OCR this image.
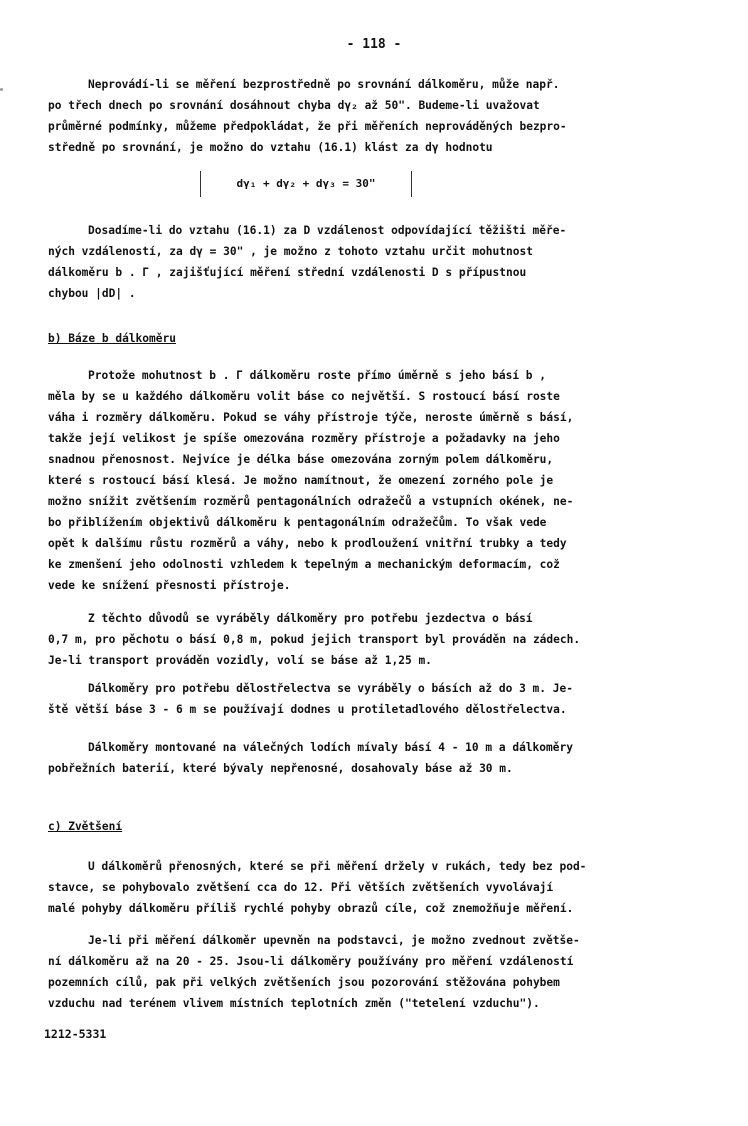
- 118 -

Neprovádí-li se měření bezprostředně po srovnání dálkoměru, může např.

po třech dnech po srovnání dosáhnout chyba dγ₂ až 50". Budeme-li uvažovat

průměrné podmínky, můžeme předpokládat, že při měřeních neprováděných bezpro-

středně po srovnání, je možno do vztahu (16.1) klást za dγ hodnotu

dγ₁ + dγ₂ + dγ₃ = 30"

Dosadíme-li do vztahu (16.1) za D vzdálenost odpovídající těžišti měře-

ných vzdáleností, za dγ = 30" , je možno z tohoto vztahu určit mohutnost

dálkoměru b . Γ , zajišťující měření střední vzdálenosti D s přípustnou

chybou |dD| .

b) Báze b dálkoměru

Protože mohutnost b . Γ dálkoměru roste přímo úměrně s jeho básí b ,

měla by se u každého dálkoměru volit báse co největší. S rostoucí básí roste

váha i rozměry dálkoměru. Pokud se váhy přístroje týče, neroste úměrně s básí,

takže její velikost je spíše omezována rozměry přístroje a požadavky na jeho

snadnou přenosnost. Nejvíce je délka báse omezována zorným polem dálkoměru,

které s rostoucí básí klesá. Je možno namítnout, že omezení zorného pole je

možno snížit zvětšením rozměrů pentagonálních odražečů a vstupních okének, ne-

bo přiblížením objektivů dálkoměru k pentagonálním odražečům. To však vede

opět k dalšímu růstu rozměrů a váhy, nebo k prodloužení vnitřní trubky a tedy

ke zmenšení jeho odolnosti vzhledem k tepelným a mechanickým deformacím, což

vede ke snížení přesnosti přístroje.

Z těchto důvodů se vyráběly dálkoměry pro potřebu jezdectva o básí

0,7 m, pro pěchotu o básí 0,8 m, pokud jejich transport byl prováděn na zádech.

Je-li transport prováděn vozidly, volí se báse až 1,25 m.

Dálkoměry pro potřebu dělostřelectva se vyráběly o básích až do 3 m. Je-

ště větší báse 3 - 6 m se používají dodnes u protiletadlového dělostřelectva.

Dálkoměry montované na válečných lodích mívaly básí 4 - 10 m a dálkoměry

pobřežních baterií, které bývaly nepřenosné, dosahovaly báse až 30 m.

c) Zvětšení

U dálkoměrů přenosných, které se při měření držely v rukách, tedy bez pod-

stavce, se pohybovalo zvětšení cca do 12. Při větších zvětšeních vyvolávají

malé pohyby dálkoměru příliš rychlé pohyby obrazů cíle, což znemožňuje měření.

Je-li při měření dálkoměr upevněn na podstavci, je možno zvednout zvětše-

ní dálkoměru až na 20 - 25. Jsou-li dálkoměry používány pro měření vzdáleností

pozemních cílů, pak při velkých zvětšeních jsou pozorování stěžována pohybem

vzduchu nad terénem vlivem místních teplotních změn ("tetelení vzduchu").

1212-5331
